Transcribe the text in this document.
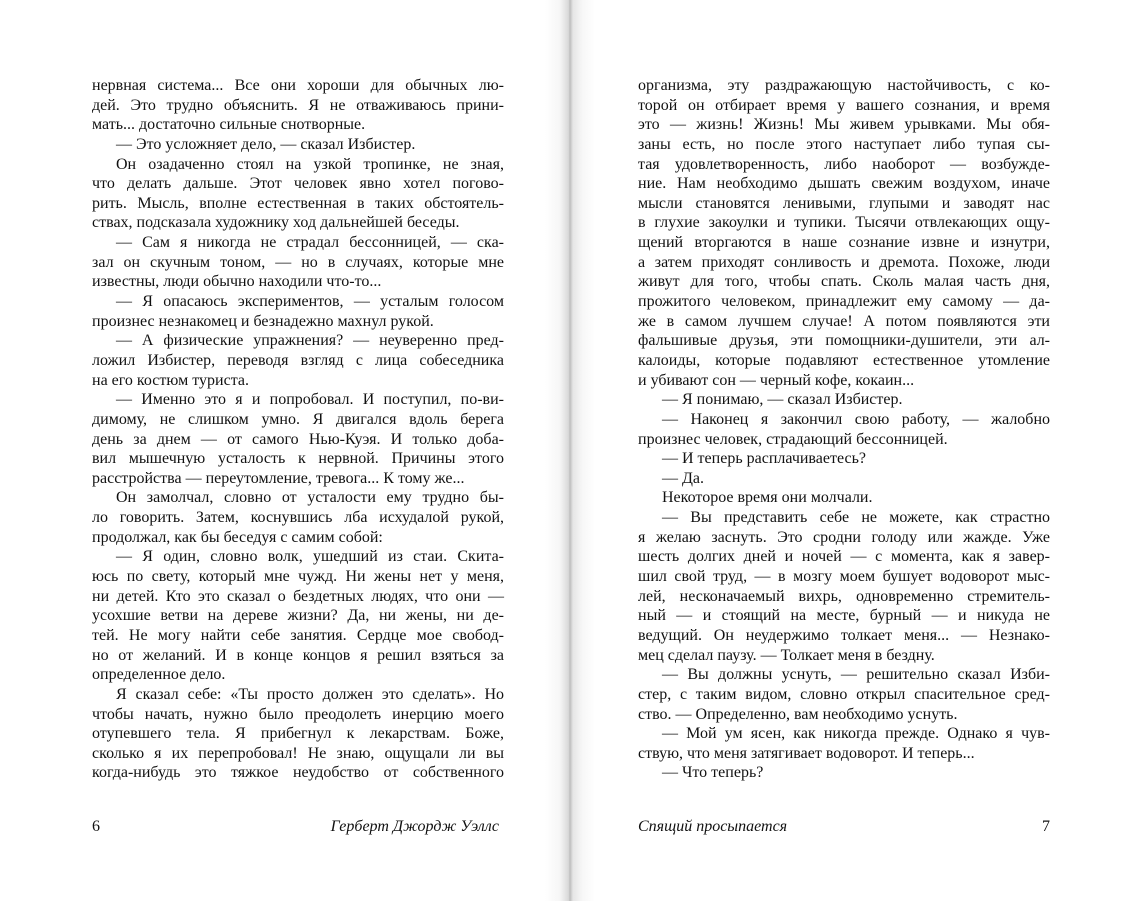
нервная система... Все они хороши для обычных лю-
дей. Это трудно объяснить. Я не отваживаюсь прини-
мать... достаточно сильные снотворные.
— Это усложняет дело, — сказал Избистер.
Он озадаченно стоял на узкой тропинке, не зная,
что делать дальше. Этот человек явно хотел погово-
рить. Мысль, вполне естественная в таких обстоятель-
ствах, подсказала художнику ход дальнейшей беседы.
— Сам я никогда не страдал бессонницей, — ска-
зал он скучным тоном, — но в случаях, которые мне
известны, люди обычно находили что-то...
— Я опасаюсь экспериментов, — усталым голосом
произнес незнакомец и безнадежно махнул рукой.
— А физические упражнения? — неуверенно пред-
ложил Избистер, переводя взгляд с лица собеседника
на его костюм туриста.
— Именно это я и попробовал. И поступил, по-ви-
димому, не слишком умно. Я двигался вдоль берега
день за днем — от самого Нью-Куэя. И только доба-
вил мышечную усталость к нервной. Причины этого
расстройства — переутомление, тревога... К тому же...
Он замолчал, словно от усталости ему трудно бы-
ло говорить. Затем, коснувшись лба исхудалой рукой,
продолжал, как бы беседуя с самим собой:
— Я один, словно волк, ушедший из стаи. Скита-
юсь по свету, который мне чужд. Ни жены нет у меня,
ни детей. Кто это сказал о бездетных людях, что они —
усохшие ветви на дереве жизни? Да, ни жены, ни де-
тей. Не могу найти себе занятия. Сердце мое свобод-
но от желаний. И в конце концов я решил взяться за
определенное дело.
Я сказал себе: «Ты просто должен это сделать». Но
чтобы начать, нужно было преодолеть инерцию моего
отупевшего тела. Я прибегнул к лекарствам. Боже,
сколько я их перепробовал! Не знаю, ощущали ли вы
когда-нибудь это тяжкое неудобство от собственного
организма, эту раздражающую настойчивость, с ко-
торой он отбирает время у вашего сознания, и время
это — жизнь! Жизнь! Мы живем урывками. Мы обя-
заны есть, но после этого наступает либо тупая сы-
тая удовлетворенность, либо наоборот — возбужде-
ние. Нам необходимо дышать свежим воздухом, иначе
мысли становятся ленивыми, глупыми и заводят нас
в глухие закоулки и тупики. Тысячи отвлекающих ощу-
щений вторгаются в наше сознание извне и изнутри,
а затем приходят сонливость и дремота. Похоже, люди
живут для того, чтобы спать. Сколь малая часть дня,
прожитого человеком, принадлежит ему самому — да-
же в самом лучшем случае! А потом появляются эти
фальшивые друзья, эти помощники-душители, эти ал-
калоиды, которые подавляют естественное утомление
и убивают сон — черный кофе, кокаин...
— Я понимаю, — сказал Избистер.
— Наконец я закончил свою работу, — жалобно
произнес человек, страдающий бессонницей.
— И теперь расплачиваетесь?
— Да.
Некоторое время они молчали.
— Вы представить себе не можете, как страстно
я желаю заснуть. Это сродни голоду или жажде. Уже
шесть долгих дней и ночей — с момента, как я завер-
шил свой труд, — в мозгу моем бушует водоворот мыс-
лей, несконачаемый вихрь, одновременно стремитель-
ный — и стоящий на месте, бурный — и никуда не
ведущий. Он неудержимо толкает меня... — Незнако-
мец сделал паузу. — Толкает меня в бездну.
— Вы должны уснуть, — решительно сказал Изби-
стер, с таким видом, словно открыл спасительное сред-
ство. — Определенно, вам необходимо уснуть.
— Мой ум ясен, как никогда прежде. Однако я чув-
ствую, что меня затягивает водоворот. И теперь...
— Что теперь?
6	Герберт Джордж Уэллс	Спящий просыпается	7
